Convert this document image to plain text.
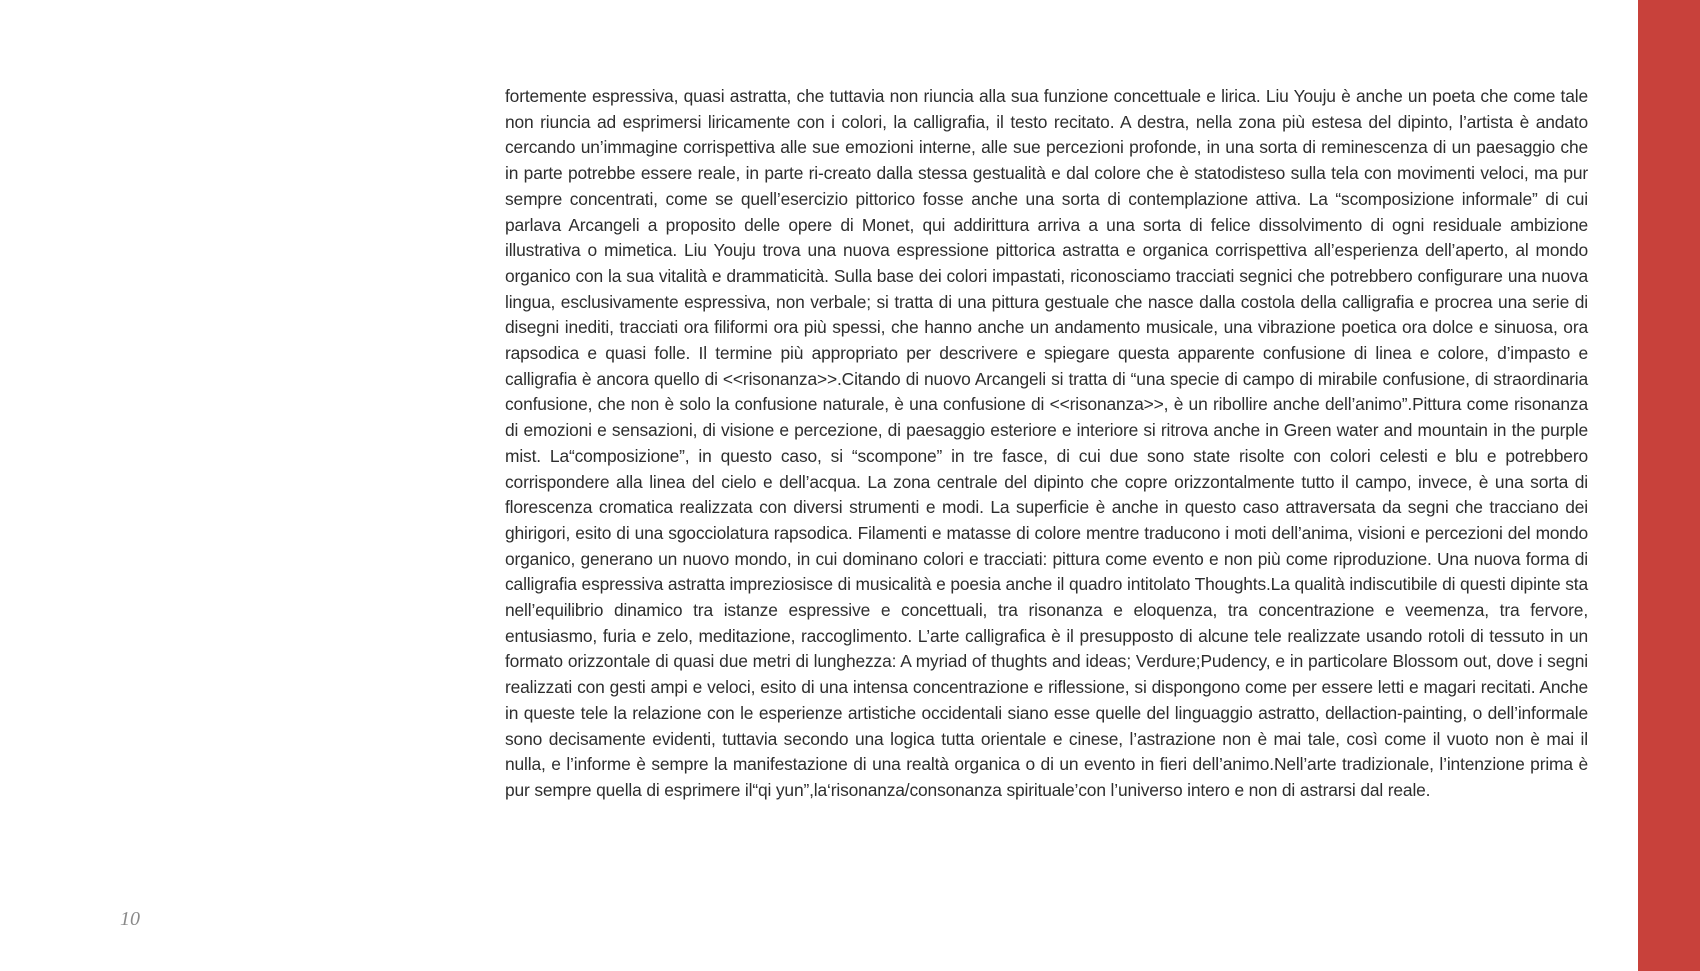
fortemente espressiva, quasi astratta, che tuttavia non riuncia alla sua funzione concettuale e lirica. Liu Youju è anche un poeta che come tale non riuncia ad esprimersi liricamente con i colori, la calligrafia, il testo recitato. A destra, nella zona più estesa del dipinto, l’artista è andato cercando un’immagine corrispettiva alle sue emozioni interne, alle sue percezioni profonde, in una sorta di reminescenza di un paesaggio che in parte potrebbe essere reale, in parte ri-creato dalla stessa gestualità e dal colore che è statodisteso sulla tela con movimenti veloci, ma pur sempre concentrati, come se quell’esercizio pittorico fosse anche una sorta di contemplazione attiva. La “scomposizione informale” di cui parlava Arcangeli a proposito delle opere di Monet, qui addirittura arriva a una sorta di felice dissolvimento di ogni residuale ambizione illustrativa o mimetica. Liu Youju trova una nuova espressione pittorica astratta e organica corrispettiva all’esperienza dell’aperto, al mondo organico con la sua vitalità e drammaticità. Sulla base dei colori impastati, riconosciamo tracciati segnici che potrebbero configurare una nuova lingua, esclusivamente espressiva, non verbale; si tratta di una pittura gestuale che nasce dalla costola della calligrafia e procrea una serie di disegni inediti, tracciati ora filiformi ora più spessi, che hanno anche un andamento musicale, una vibrazione poetica ora dolce e sinuosa, ora rapsodica e quasi folle. Il termine più appropriato per descrivere e spiegare questa apparente confusione di linea e colore, d’impasto e calligrafia è ancora quello di <<risonanza>>.Citando di nuovo Arcangeli si tratta di “una specie di campo di mirabile confusione, di straordinaria confusione, che non è solo la confusione naturale, è una confusione di <<risonanza>>, è un ribollire anche dell’animo”.Pittura come risonanza di emozioni e sensazioni, di visione e percezione, di paesaggio esteriore e interiore si ritrova anche in Green water and mountain in the purple mist. La“composizione”, in questo caso, si “scompone” in tre fasce, di cui due sono state risolte con colori celesti e blu e potrebbero corrispondere alla linea del cielo e dell’acqua. La zona centrale del dipinto che copre orizzontalmente tutto il campo, invece, è una sorta di florescenza cromatica realizzata con diversi strumenti e modi. La superficie è anche in questo caso attraversata da segni che tracciano dei ghirigori, esito di una sgocciolatura rapsodica. Filamenti e matasse di colore mentre traducono i moti dell’anima, visioni e percezioni del mondo organico, generano un nuovo mondo, in cui dominano colori e tracciati: pittura come evento e non più come riproduzione. Una nuova forma di calligrafia espressiva astratta impreziosisce di musicalità e poesia anche il quadro intitolato Thoughts.La qualità indiscutibile di questi dipinte sta nell’equilibrio dinamico tra istanze espressive e concettuali, tra risonanza e eloquenza, tra concentrazione e veemenza, tra fervore, entusiasmo, furia e zelo, meditazione, raccoglimento. L’arte calligrafica è il presupposto di alcune tele realizzate usando rotoli di tessuto in un formato orizzontale di quasi due metri di lunghezza: A myriad of thughts and ideas; Verdure;Pudency, e in particolare Blossom out, dove i segni realizzati con gesti ampi e veloci, esito di una intensa concentrazione e riflessione, si dispongono come per essere letti e magari recitati. Anche in queste tele la relazione con le esperienze artistiche occidentali siano esse quelle del linguaggio astratto, dellaction-painting, o dell’informale sono decisamente evidenti, tuttavia secondo una logica tutta orientale e cinese, l’astrazione non è mai tale, così come il vuoto non è mai il nulla, e l’informe è sempre la manifestazione di una realtà organica o di un evento in fieri dell’animo.Nell’arte tradizionale, l’intenzione prima è pur sempre quella di esprimere il“qi yun”,la‘risonanza/consonanza spirituale’con l’universo intero e non di astrarsi dal reale.

10
